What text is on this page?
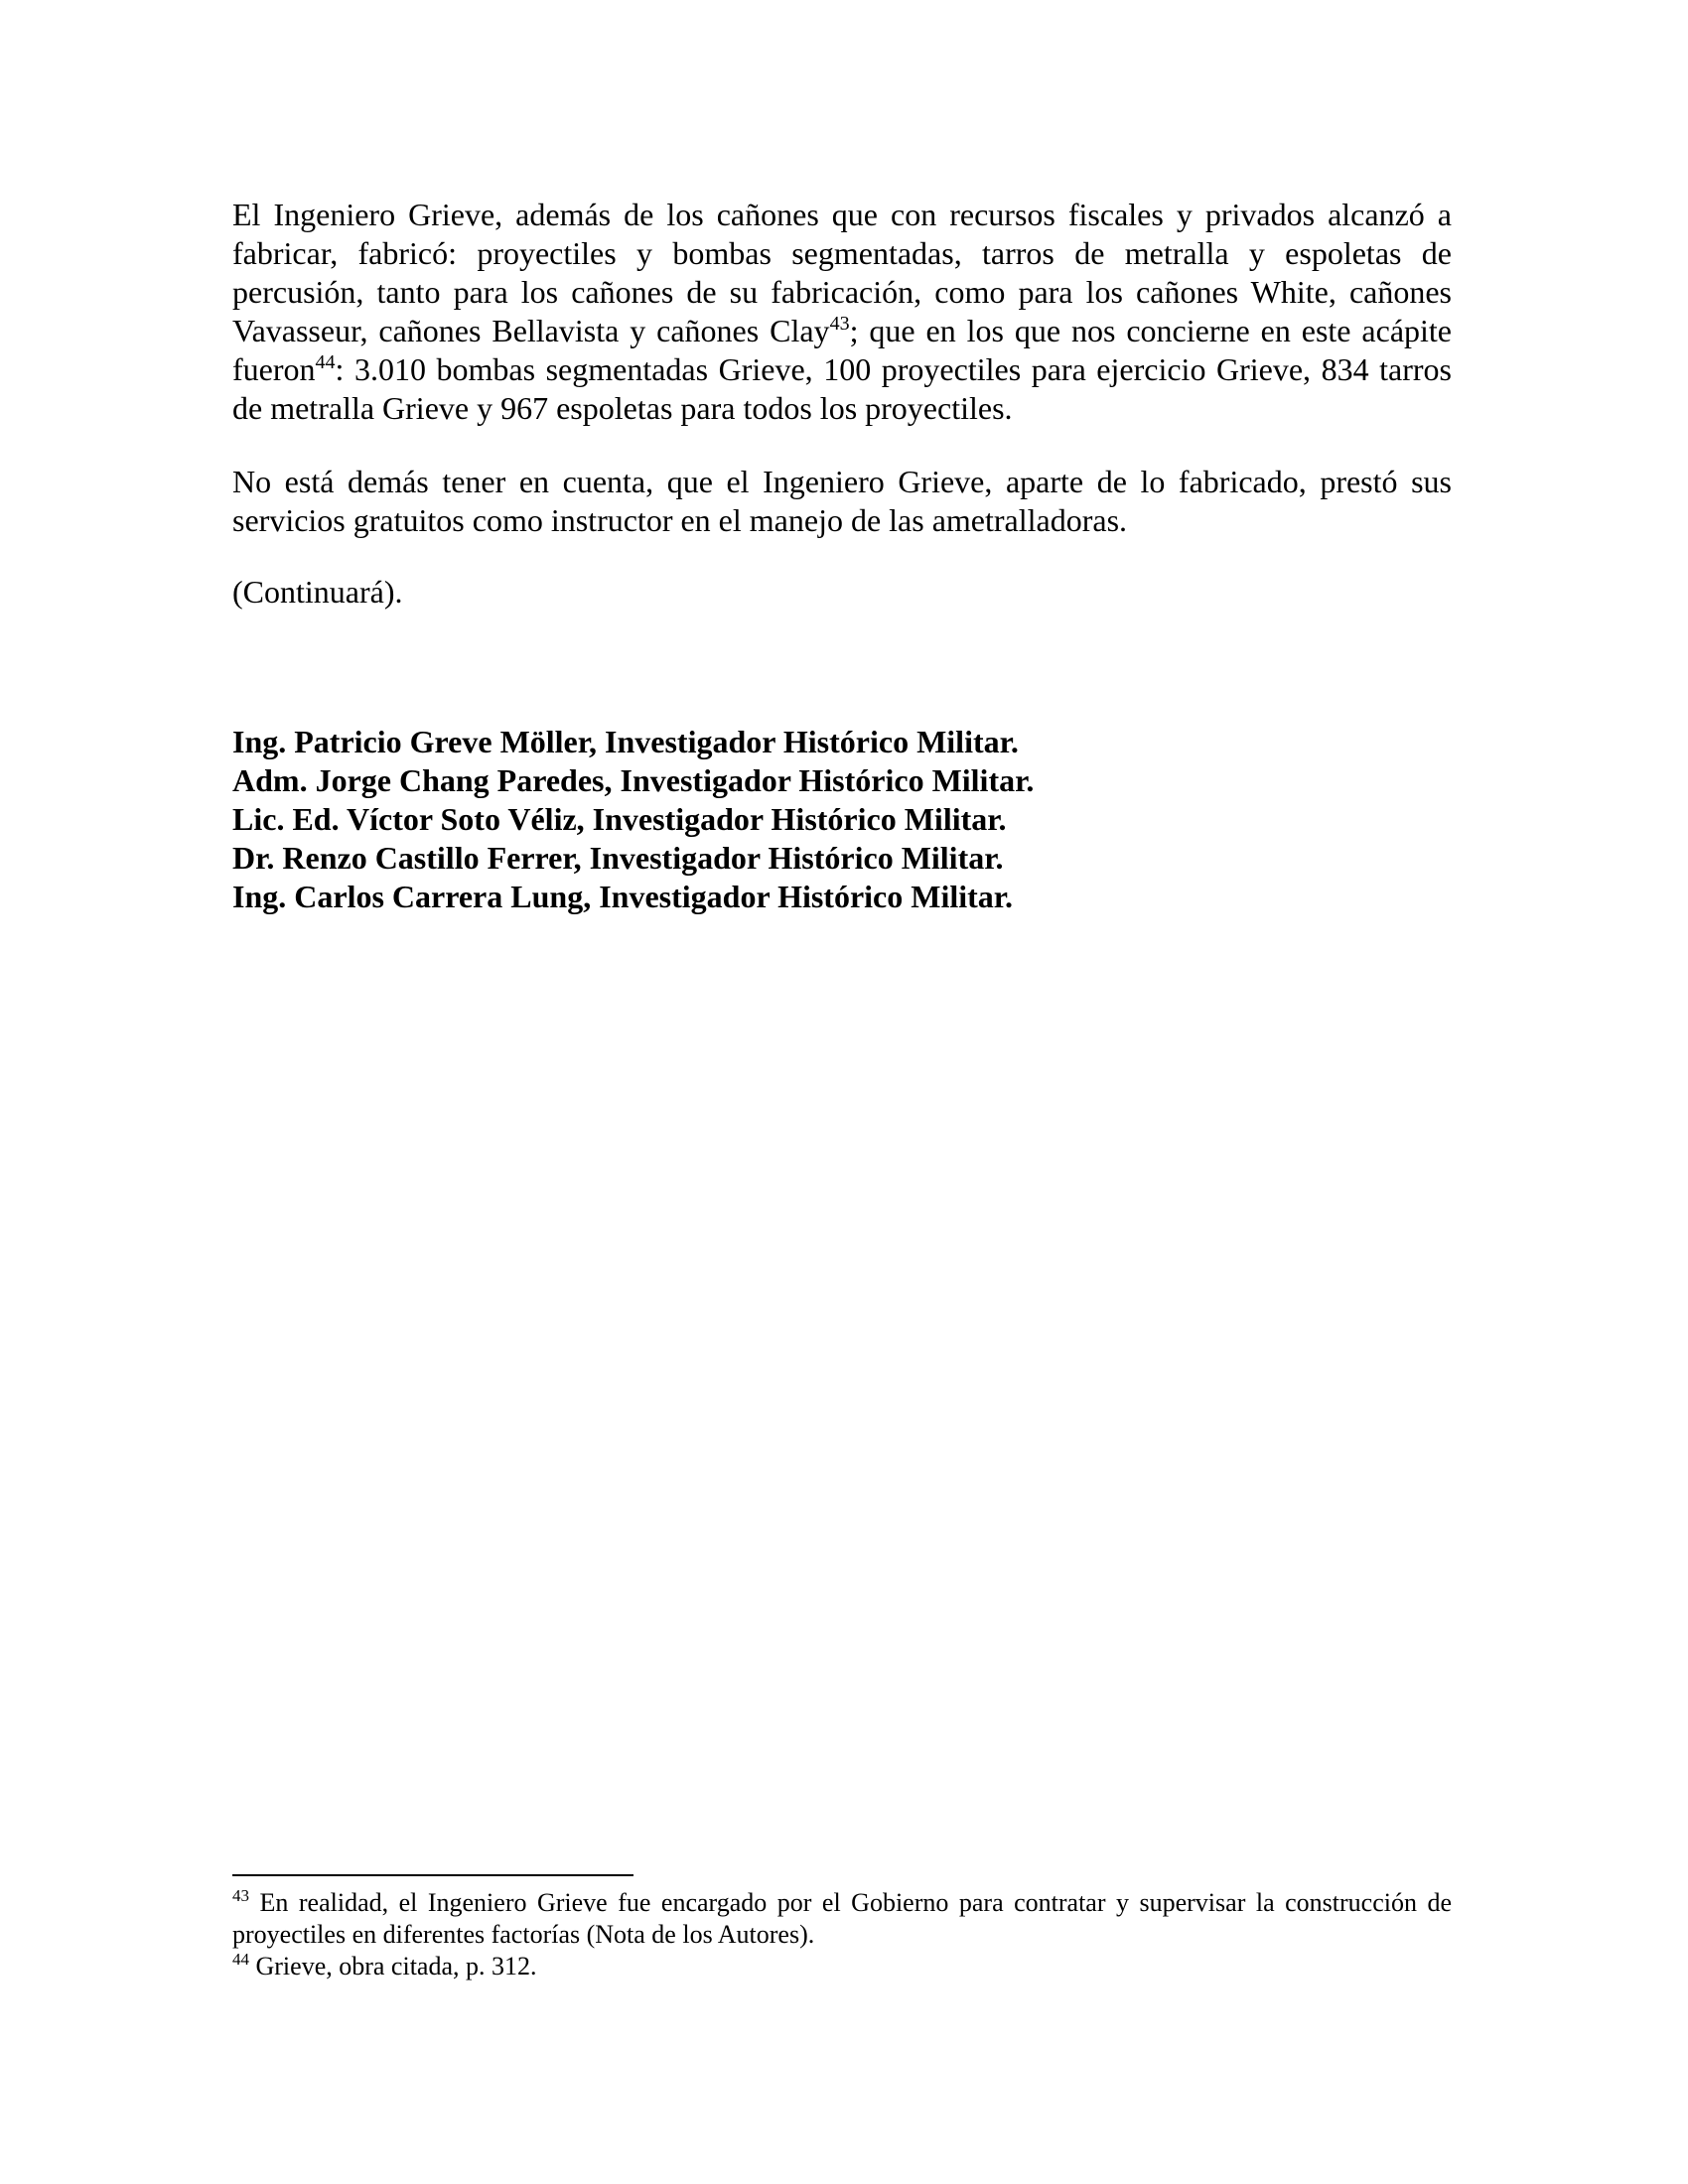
El Ingeniero Grieve, además de los cañones que con recursos fiscales y privados alcanzó a fabricar, fabricó: proyectiles y bombas segmentadas, tarros de metralla y espoletas de percusión, tanto para los cañones de su fabricación, como para los cañones White, cañones Vavasseur, cañones Bellavista y cañones Clay$^{43}$; que en los que nos concierne en este acápite fueron$^{44}$: 3.010 bombas segmentadas Grieve, 100 proyectiles para ejercicio Grieve, 834 tarros de metralla Grieve y 967 espoletas para todos los proyectiles.

No está demás tener en cuenta, que el Ingeniero Grieve, aparte de lo fabricado, prestó sus servicios gratuitos como instructor en el manejo de las ametralladoras.

(Continuará).

Ing. Patricio Greve Möller, Investigador Histórico Militar.
Adm. Jorge Chang Paredes, Investigador Histórico Militar.
Lic. Ed. Víctor Soto Véliz, Investigador Histórico Militar.
Dr. Renzo Castillo Ferrer, Investigador Histórico Militar.
Ing. Carlos Carrera Lung, Investigador Histórico Militar.

$^{43}$ En realidad, el Ingeniero Grieve fue encargado por el Gobierno para contratar y supervisar la construcción de proyectiles en diferentes factorías (Nota de los Autores).

$^{44}$ Grieve, obra citada, p. 312.
